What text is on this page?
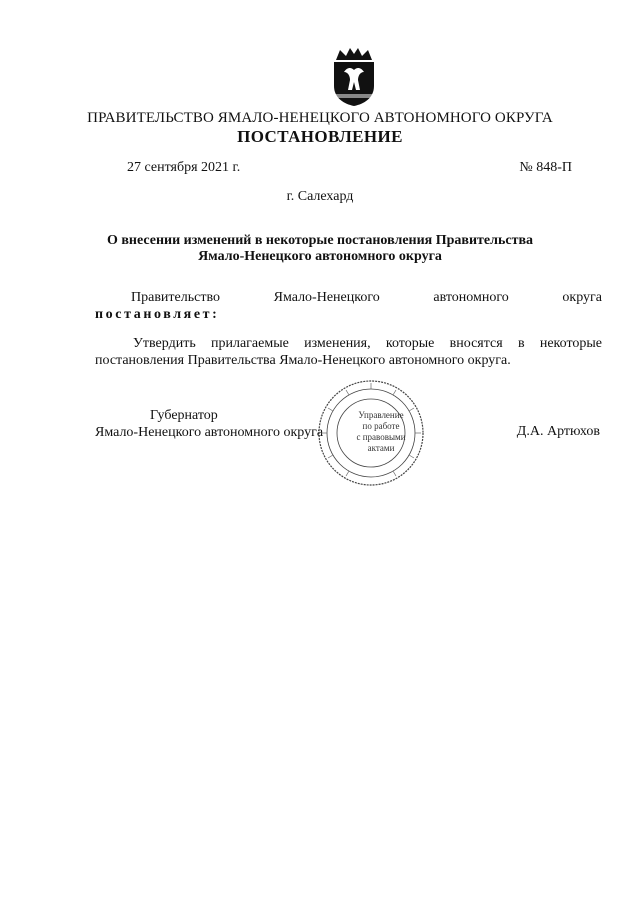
ПРАВИТЕЛЬСТВО ЯМАЛО-НЕНЕЦКОГО АВТОНОМНОГО ОКРУГА
ПОСТАНОВЛЕНИЕ
27 сентября 2021 г.	№ 848-П
г. Салехард
О внесении изменений в некоторые постановления Правительства
Ямало-Ненецкого автономного округа
Правительство	Ямало-Ненецкого	автономного	округа
постановляет:
Утвердить прилагаемые изменения, которые вносятся в некоторые постановления Правительства Ямало-Ненецкого автономного округа.
Губернатор
Ямало-Ненецкого автономного округа
Управление
по работе
с правовыми
актами
Д.А. Артюхов
